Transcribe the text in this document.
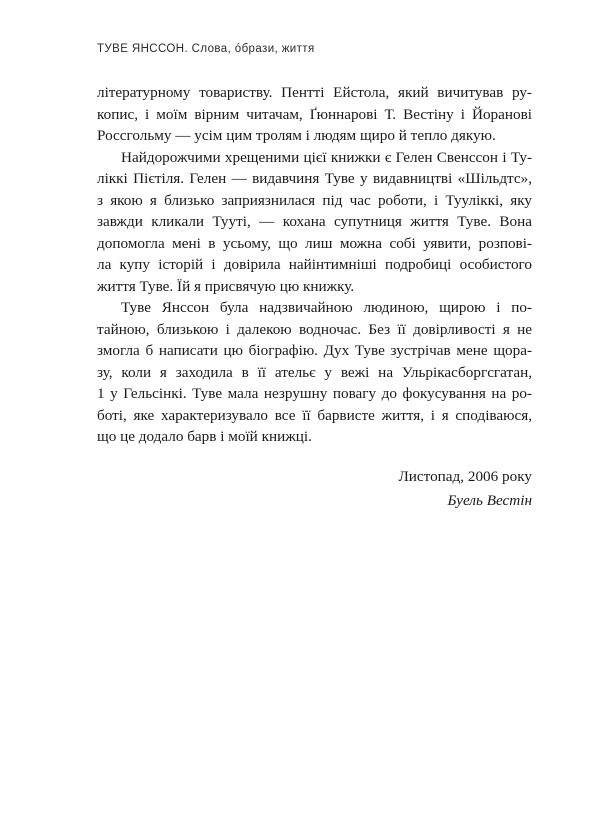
ТУВЕ ЯНССОН. Слова, óбрази, життя
літературному товариству. Пентті Ейстола, який вичитував ру-
копис, і моїм вірним читачам, Ґюннарові Т. Вестіну і Йоранові
Россгольму — усім цим тролям і людям щиро й тепло дякую.
Найдорожчими хрещеними цієї книжки є Гелен Свенссон і Ту-
ліккі Пієтіля. Гелен — видавчиня Туве у видавництві «Шільдтс»,
з якою я близько заприязнилася під час роботи, і Тууліккі, яку
завжди кликали Тууті, — кохана супутниця життя Туве. Вона
допомогла мені в усьому, що лиш можна собі уявити, розпові-
ла купу історій і довірила найінтимніші подробиці особистого
життя Туве. Їй я присвячую цю книжку.
Туве Янссон була надзвичайною людиною, щирою і по-
тайною, близькою і далекою водночас. Без її довірливості я не
змогла б написати цю біографію. Дух Туве зустрічав мене щора-
зу, коли я заходила в її ательє у вежі на Ульрікасборгсгатан,
1 у Гельсінкі. Туве мала незрушну повагу до фокусування на ро-
боті, яке характеризувало все її барвисте життя, і я сподіваюся,
що це додало барв і моїй книжці.
Листопад, 2006 року
Буель Вестін
